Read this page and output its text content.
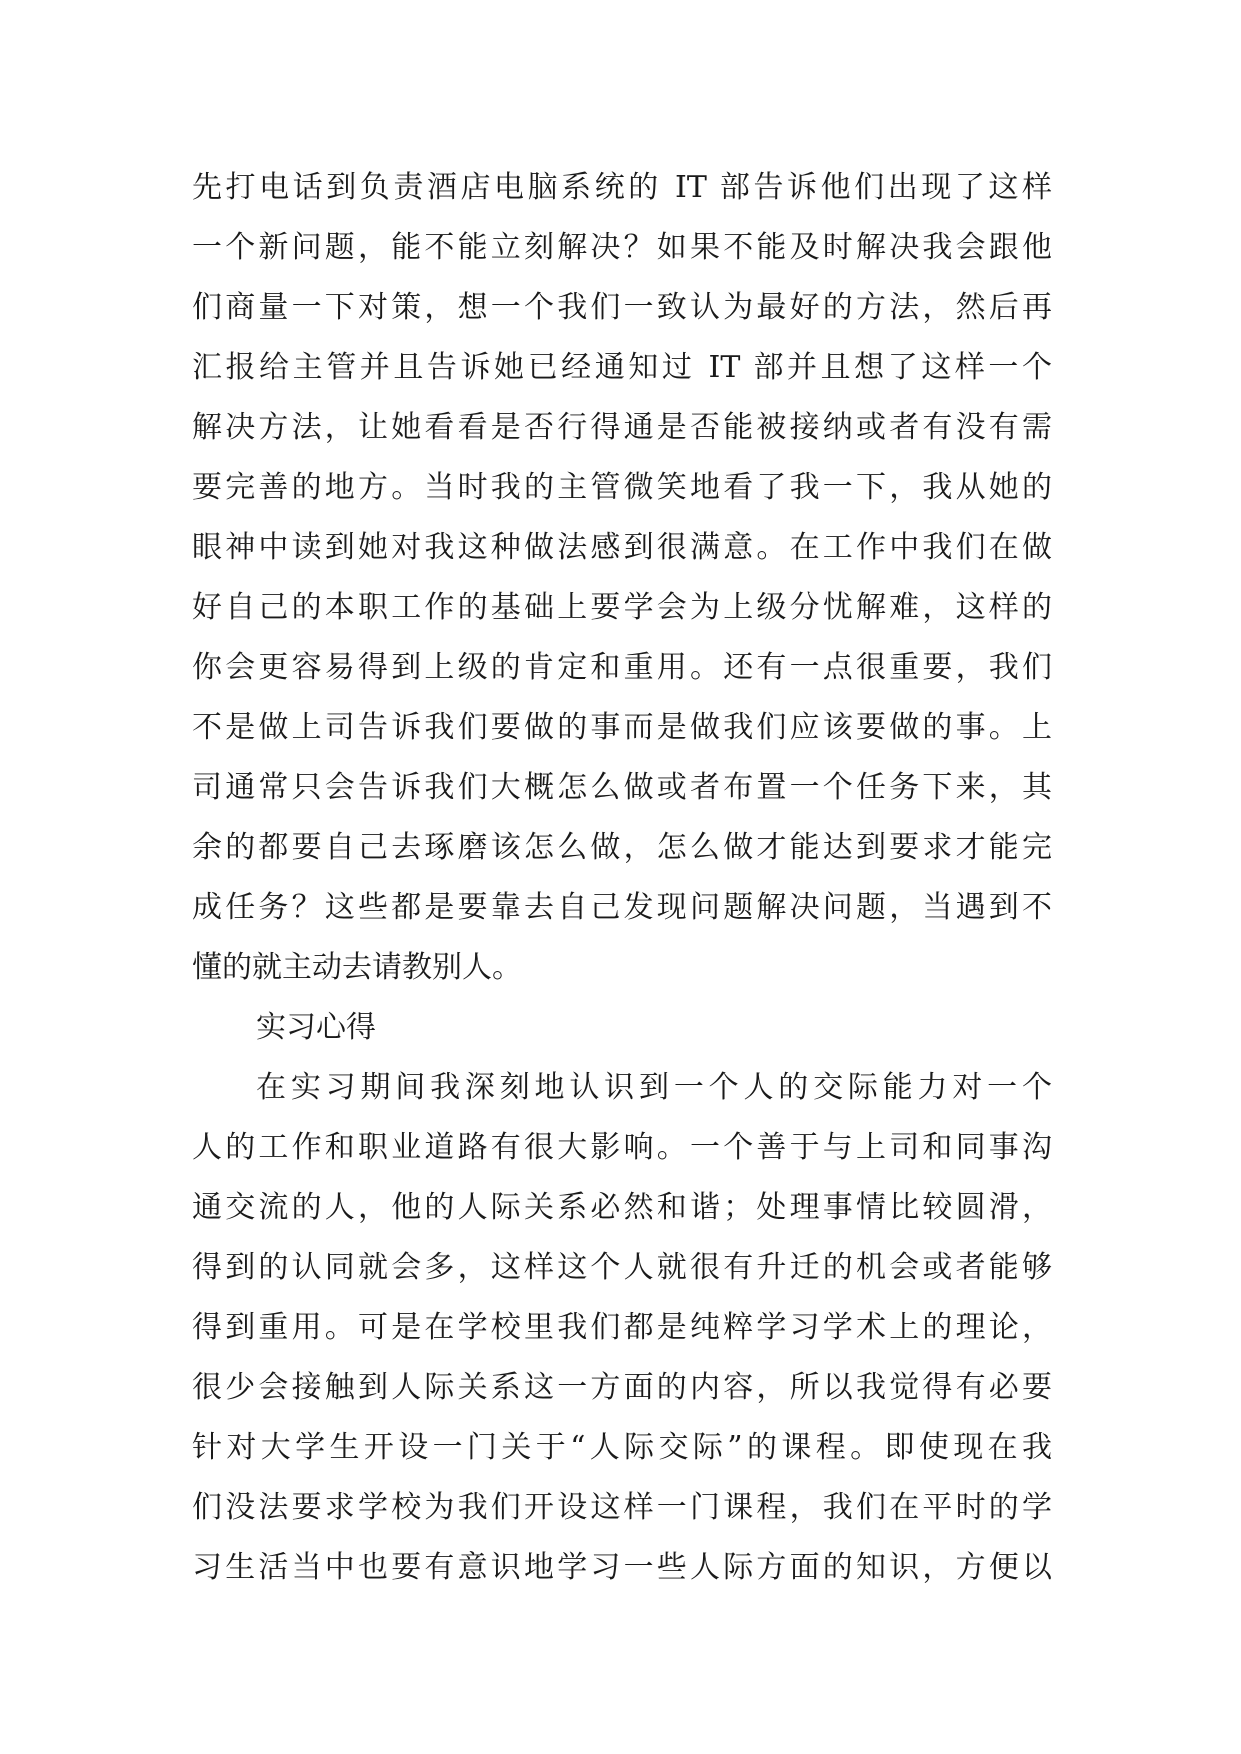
先打电话到负责酒店电脑系统的 IT 部告诉他们出现了这样
一个新问题，能不能立刻解决？如果不能及时解决我会跟他
们商量一下对策，想一个我们一致认为最好的方法，然后再
汇报给主管并且告诉她已经通知过 IT 部并且想了这样一个
解决方法，让她看看是否行得通是否能被接纳或者有没有需
要完善的地方。当时我的主管微笑地看了我一下，我从她的
眼神中读到她对我这种做法感到很满意。在工作中我们在做
好自己的本职工作的基础上要学会为上级分忧解难，这样的
你会更容易得到上级的肯定和重用。还有一点很重要，我们
不是做上司告诉我们要做的事而是做我们应该要做的事。上
司通常只会告诉我们大概怎么做或者布置一个任务下来，其
余的都要自己去琢磨该怎么做，怎么做才能达到要求才能完
成任务？这些都是要靠去自己发现问题解决问题，当遇到不
懂的就主动去请教别人。
实习心得
在实习期间我深刻地认识到一个人的交际能力对一个
人的工作和职业道路有很大影响。一个善于与上司和同事沟
通交流的人，他的人际关系必然和谐；处理事情比较圆滑，
得到的认同就会多，这样这个人就很有升迁的机会或者能够
得到重用。可是在学校里我们都是纯粹学习学术上的理论，
很少会接触到人际关系这一方面的内容，所以我觉得有必要
针对大学生开设一门关于“人际交际”的课程。即使现在我
们没法要求学校为我们开设这样一门课程，我们在平时的学
习生活当中也要有意识地学习一些人际方面的知识，方便以
